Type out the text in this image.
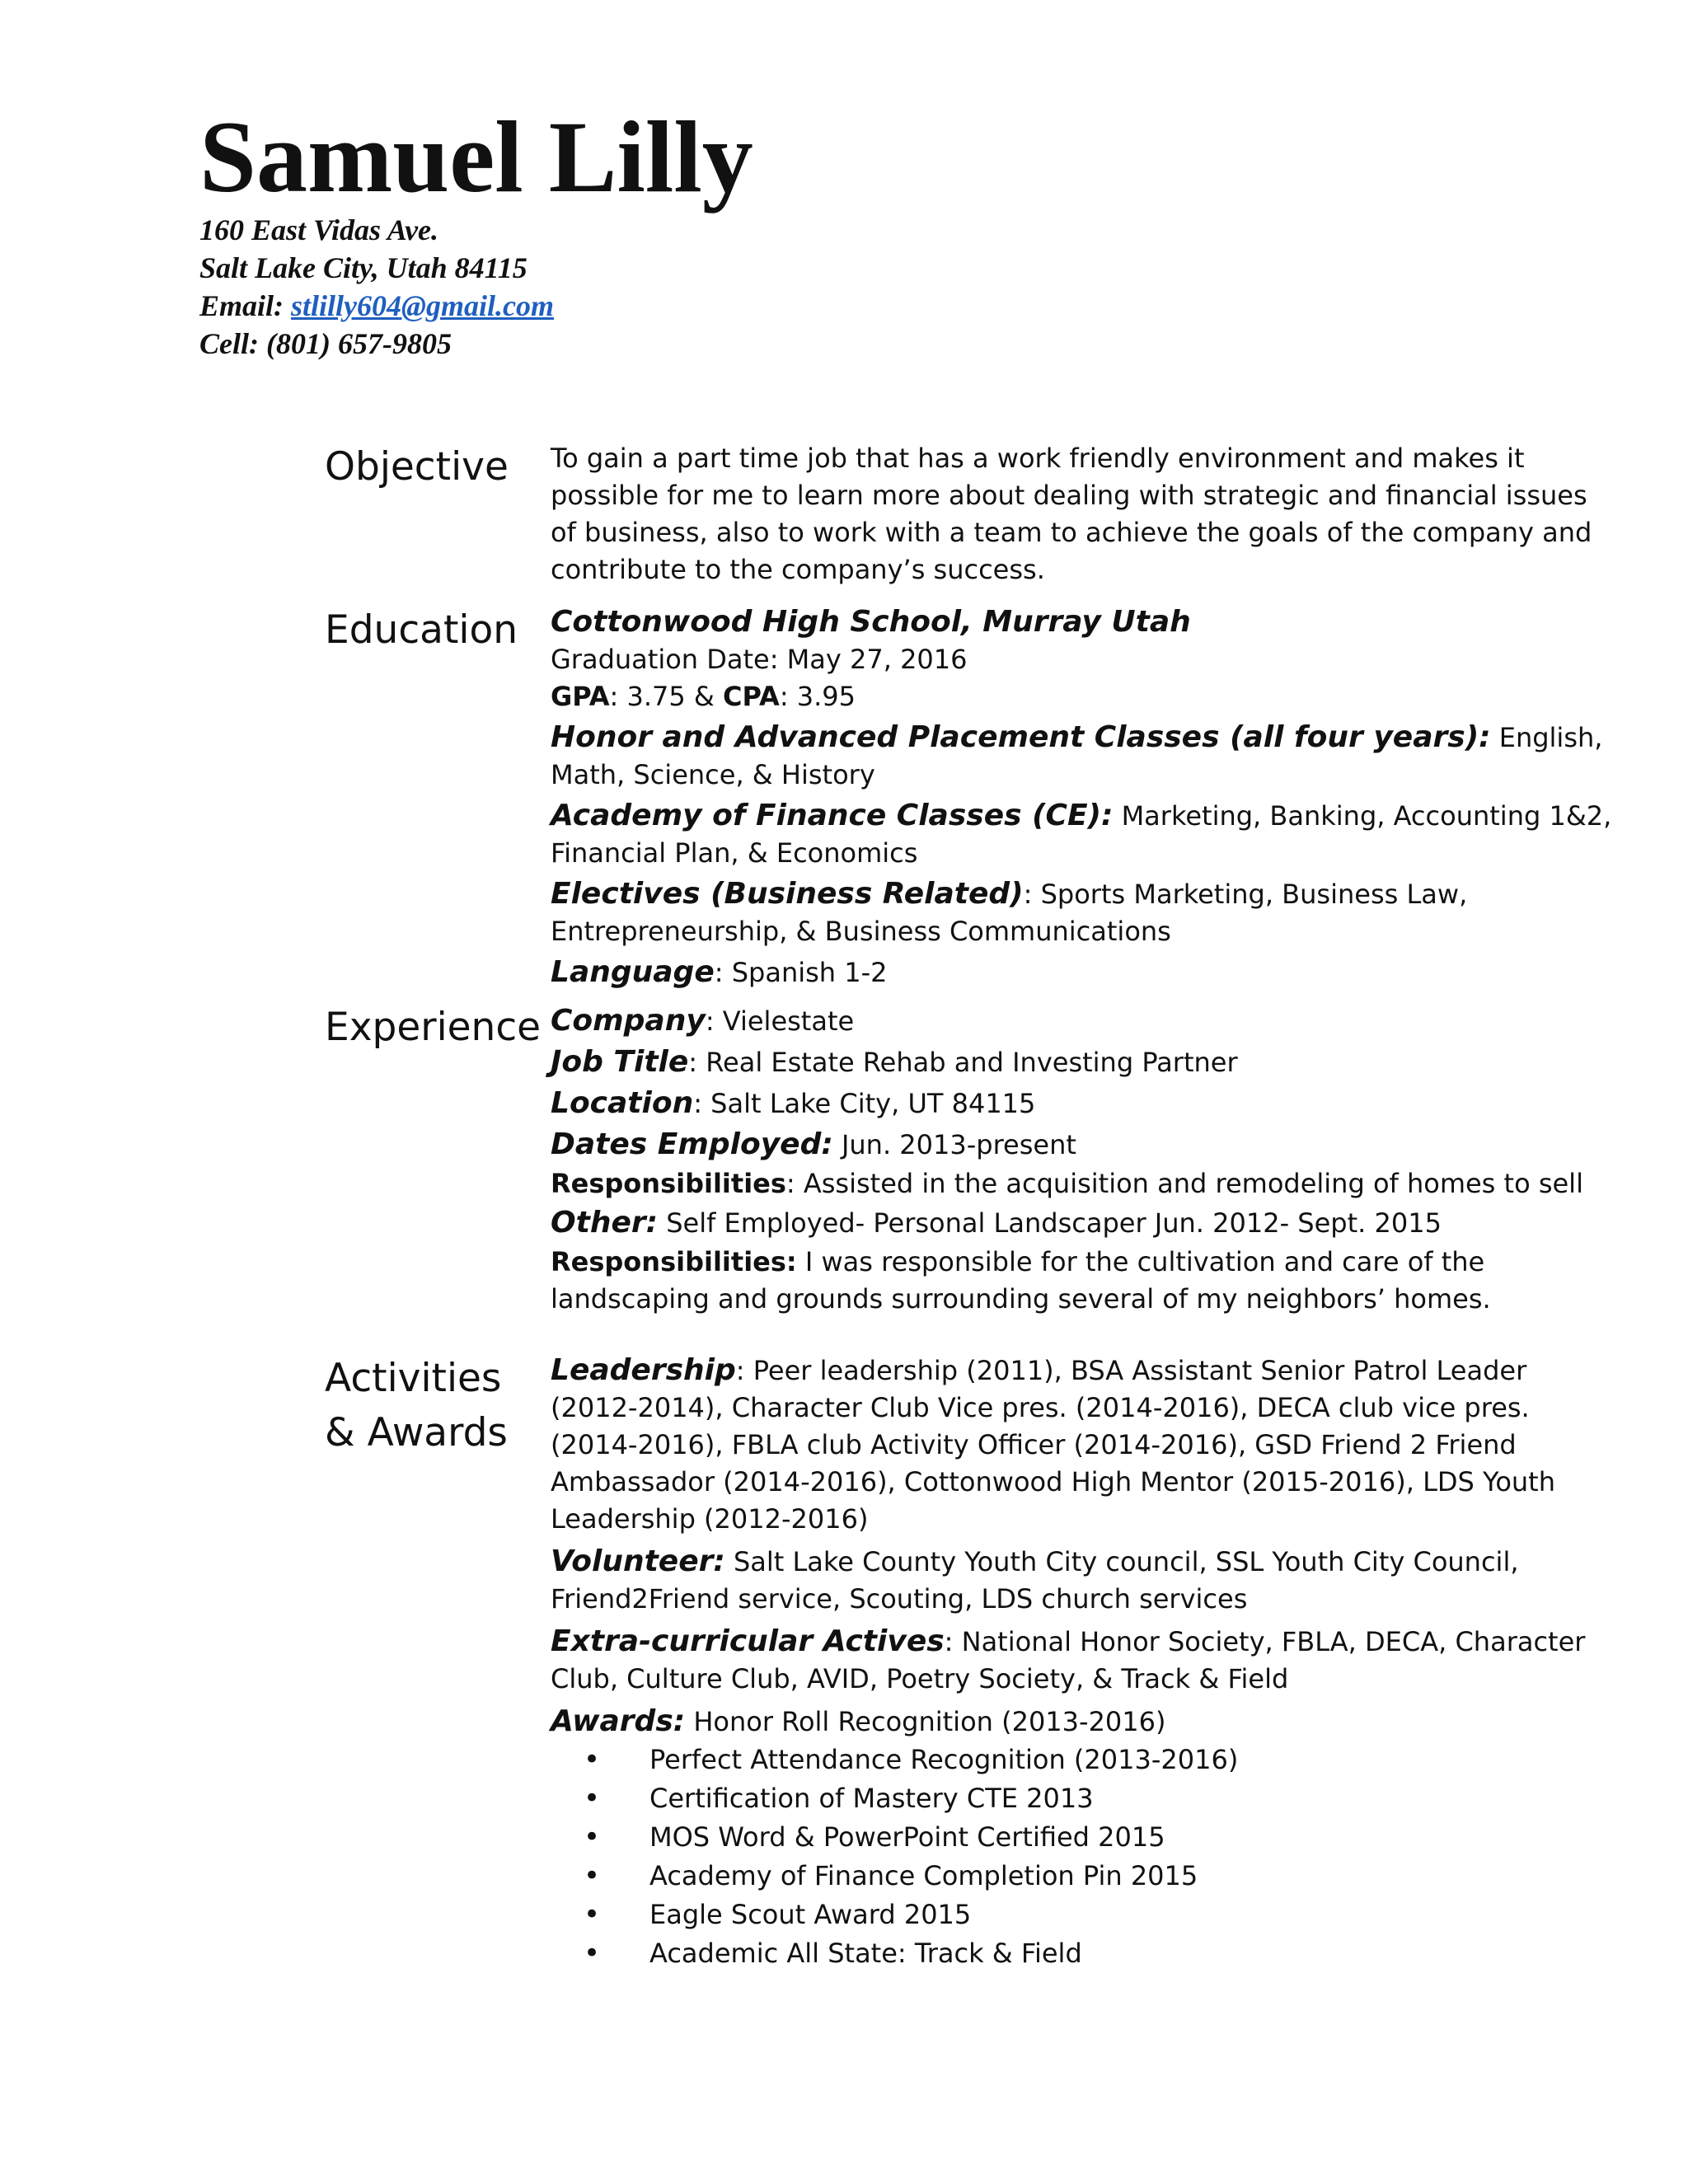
Samuel Lilly
160 East Vidas Ave.
Salt Lake City, Utah 84115
Email: stlilly604@gmail.com
Cell: (801) 657-9805
Objective	To gain a part time job that has a work friendly environment and makes it possible for me to learn more about dealing with strategic and financial issues of business, also to work with a team to achieve the goals of the company and contribute to the company’s success.

Education	Cottonwood High School, Murray Utah

Graduation Date: May 27, 2016

GPA: 3.75 & CPA: 3.95

Honor and Advanced Placement Classes (all four years): English, Math, Science, & History

Academy of Finance Classes (CE): Marketing, Banking, Accounting 1&2, Financial Plan, & Economics

Electives (Business Related): Sports Marketing, Business Law, Entrepreneurship, & Business Communications

Language: Spanish 1-2

Experience Company: Vielestate

Job Title: Real Estate Rehab and Investing Partner

Location: Salt Lake City, UT 84115

Dates Employed: Jun. 2013-present

Responsibilities: Assisted in the acquisition and remodeling of homes to sell

Other: Self Employed- Personal Landscaper Jun. 2012- Sept. 2015

Responsibilities: I was responsible for the cultivation and care of the landscaping and grounds surrounding several of my neighbors’ homes.

Activities
& Awards

Leadership: Peer leadership (2011), BSA Assistant Senior Patrol Leader (2012-2014), Character Club Vice pres. (2014-2016), DECA club vice pres. (2014-2016), FBLA club Activity Officer (2014-2016), GSD Friend 2 Friend Ambassador (2014-2016), Cottonwood High Mentor (2015-2016), LDS Youth Leadership (2012-2016)

Volunteer: Salt Lake County Youth City council, SSL Youth City Council, Friend2Friend service, Scouting, LDS church services

Extra-curricular Actives: National Honor Society, FBLA, DECA, Character Club, Culture Club, AVID, Poetry Society, & Track & Field

Awards: Honor Roll Recognition (2013-2016)

• Perfect Attendance Recognition (2013-2016)
• Certification of Mastery CTE 2013
• MOS Word & PowerPoint Certified 2015
• Academy of Finance Completion Pin 2015
• Eagle Scout Award 2015
• Academic All State: Track & Field
